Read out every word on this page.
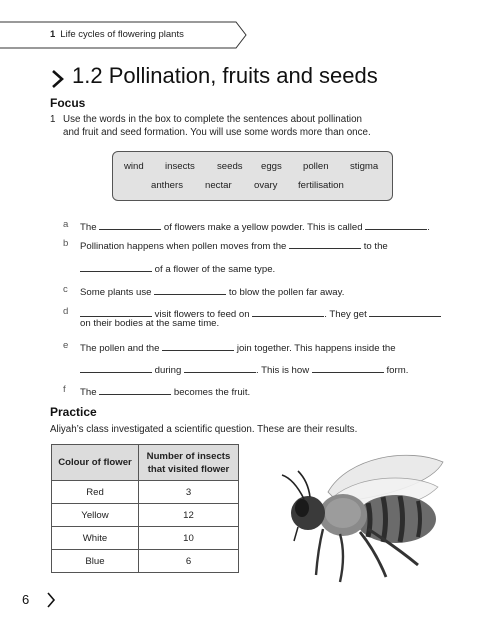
1 Life cycles of flowering plants
1.2 Pollination, fruits and seeds
Focus
1 Use the words in the box to complete the sentences about pollination
and fruit and seed formation. You will use some words more than once.
wind insects seeds eggs pollen stigma
anthers nectar ovary fertilisation
a The	of flowers make a yellow powder. This is called	.
b Pollination happens when pollen moves from the	to the
of a flower of the same type.
c Some plants use	to blow the pollen far away.
d	visit flowers to feed on	. They get
on their bodies at the same time.
e The pollen and the	join together. This happens inside the
during	. This is how	form.
f The	becomes the fruit.
Practice
Aliyah’s class investigated a scientific question. These are their results.
Colour of flower	Number of insects
that visited flower
Red	3
Yellow	12
White	10
Blue	6
6
